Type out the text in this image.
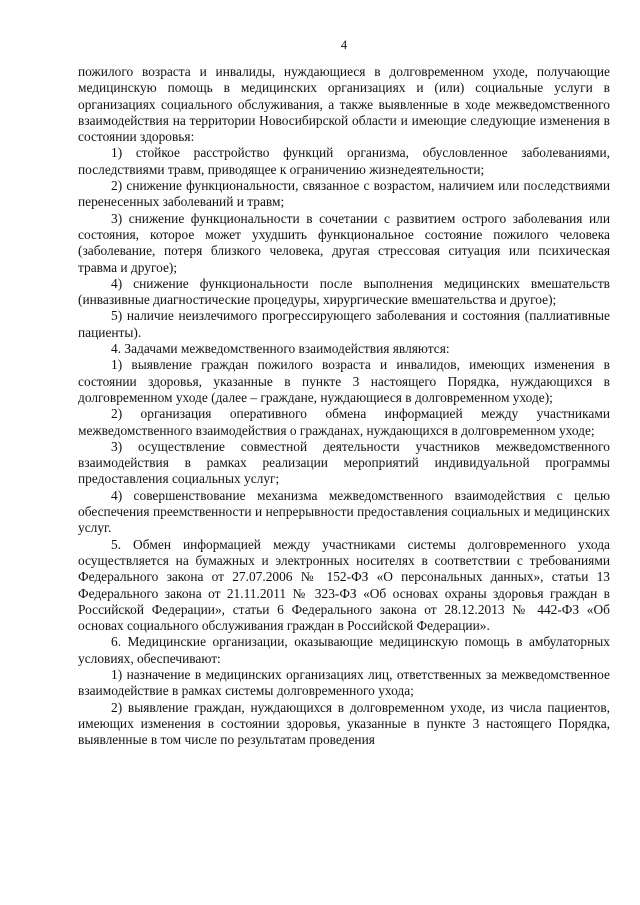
4

пожилого возраста и инвалиды, нуждающиеся в долговременном уходе, получающие медицинскую помощь в медицинских организациях и (или) социальные услуги в организациях социального обслуживания, а также выявленные в ходе межведомственного взаимодействия на территории Новосибирской области и имеющие следующие изменения в состоянии здоровья:

1) стойкое расстройство функций организма, обусловленное заболеваниями, последствиями травм, приводящее к ограничению жизнедеятельности;

2) снижение функциональности, связанное с возрастом, наличием или последствиями перенесенных заболеваний и травм;

3) снижение функциональности в сочетании с развитием острого заболевания или состояния, которое может ухудшить функциональное состояние пожилого человека (заболевание, потеря близкого человека, другая стрессовая ситуация или психическая травма и другое);

4) снижение функциональности после выполнения медицинских вмешательств (инвазивные диагностические процедуры, хирургические вмешательства и другое);

5) наличие неизлечимого прогрессирующего заболевания и состояния (паллиативные пациенты).

4. Задачами межведомственного взаимодействия являются:

1) выявление граждан пожилого возраста и инвалидов, имеющих изменения в состоянии здоровья, указанные в пункте 3 настоящего Порядка, нуждающихся в долговременном уходе (далее – граждане, нуждающиеся в долговременном уходе);

2) организация оперативного обмена информацией между участниками межведомственного взаимодействия о гражданах, нуждающихся в долговременном уходе;

3) осуществление совместной деятельности участников межведомственного взаимодействия в рамках реализации мероприятий индивидуальной программы предоставления социальных услуг;

4) совершенствование механизма межведомственного взаимодействия с целью обеспечения преемственности и непрерывности предоставления социальных и медицинских услуг.

5. Обмен информацией между участниками системы долговременного ухода осуществляется на бумажных и электронных носителях в соответствии с требованиями Федерального закона от 27.07.2006 № 152-ФЗ «О персональных данных», статьи 13 Федерального закона от 21.11.2011 № 323-ФЗ «Об основах охраны здоровья граждан в Российской Федерации», статьи 6 Федерального закона от 28.12.2013 № 442-ФЗ «Об основах социального обслуживания граждан в Российской Федерации».

6. Медицинские организации, оказывающие медицинскую помощь в амбулаторных условиях, обеспечивают:

1) назначение в медицинских организациях лиц, ответственных за межведомственное взаимодействие в рамках системы долговременного ухода;

2) выявление граждан, нуждающихся в долговременном уходе, из числа пациентов, имеющих изменения в состоянии здоровья, указанные в пункте 3 настоящего Порядка, выявленные в том числе по результатам проведения
